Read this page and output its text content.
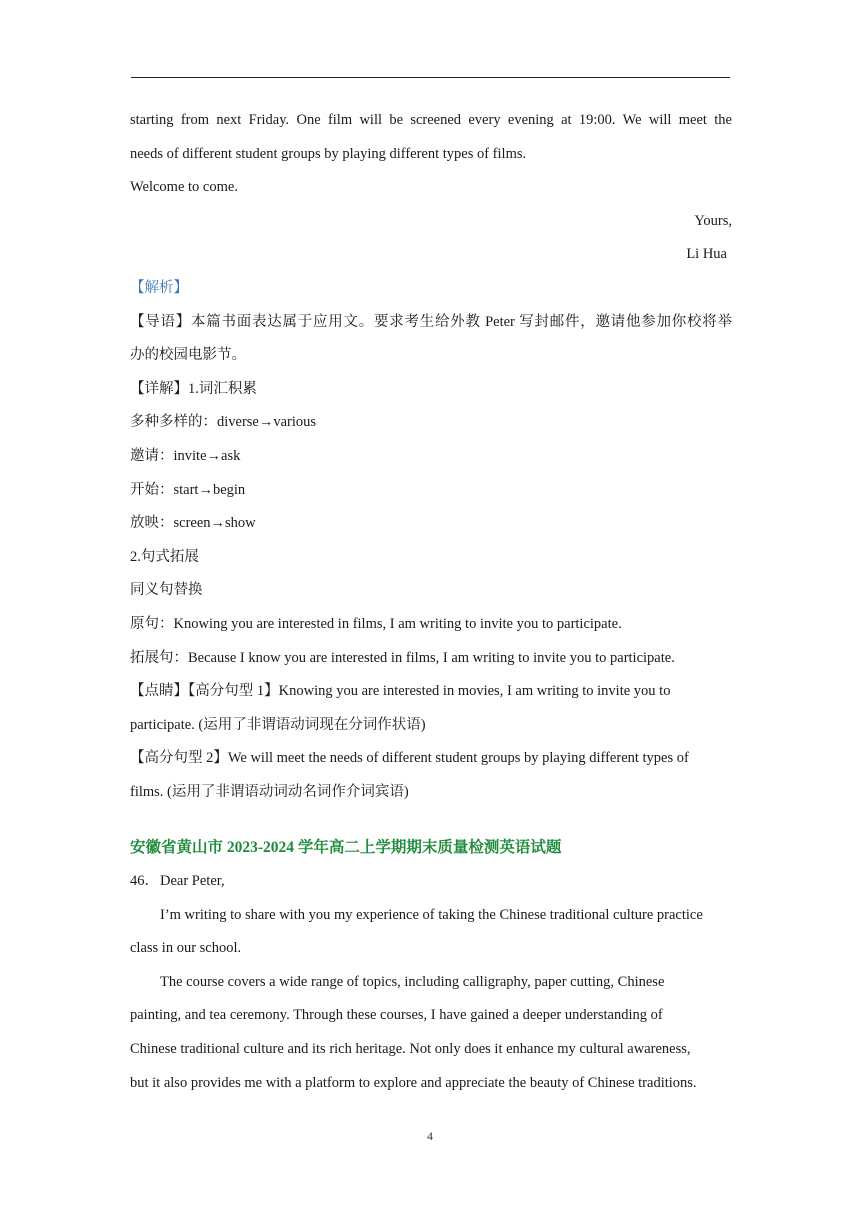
starting from next Friday. One film will be screened every evening at 19:00. We will meet the
needs of different student groups by playing different types of films.
Welcome to come.
Yours,
Li Hua
【解析】
【导语】本篇书面表达属于应用文。要求考生给外教 Peter 写封邮件，邀请他参加你校将举
办的校园电影节。
【详解】1.词汇积累
多种多样的：diverse→various
邀请：invite→ask
开始：start→begin
放映：screen→show
2.句式拓展
同义句替换
原句：Knowing you are interested in films, I am writing to invite you to participate.
拓展句：Because I know you are interested in films, I am writing to invite you to participate.
【点睛】【高分句型 1】Knowing you are interested in movies, I am writing to invite you to
participate. (运用了非谓语动词现在分词作状语)
【高分句型 2】We will meet the needs of different student groups by playing different types of
films. (运用了非谓语动词动名词作介词宾语)
安徽省黄山市 2023-2024 学年高二上学期期末质量检测英语试题
46．Dear Peter,
I’m writing to share with you my experience of taking the Chinese traditional culture practice
class in our school.
The course covers a wide range of topics, including calligraphy, paper cutting, Chinese
painting, and tea ceremony. Through these courses, I have gained a deeper understanding of
Chinese traditional culture and its rich heritage. Not only does it enhance my cultural awareness,
but it also provides me with a platform to explore and appreciate the beauty of Chinese traditions.
4
